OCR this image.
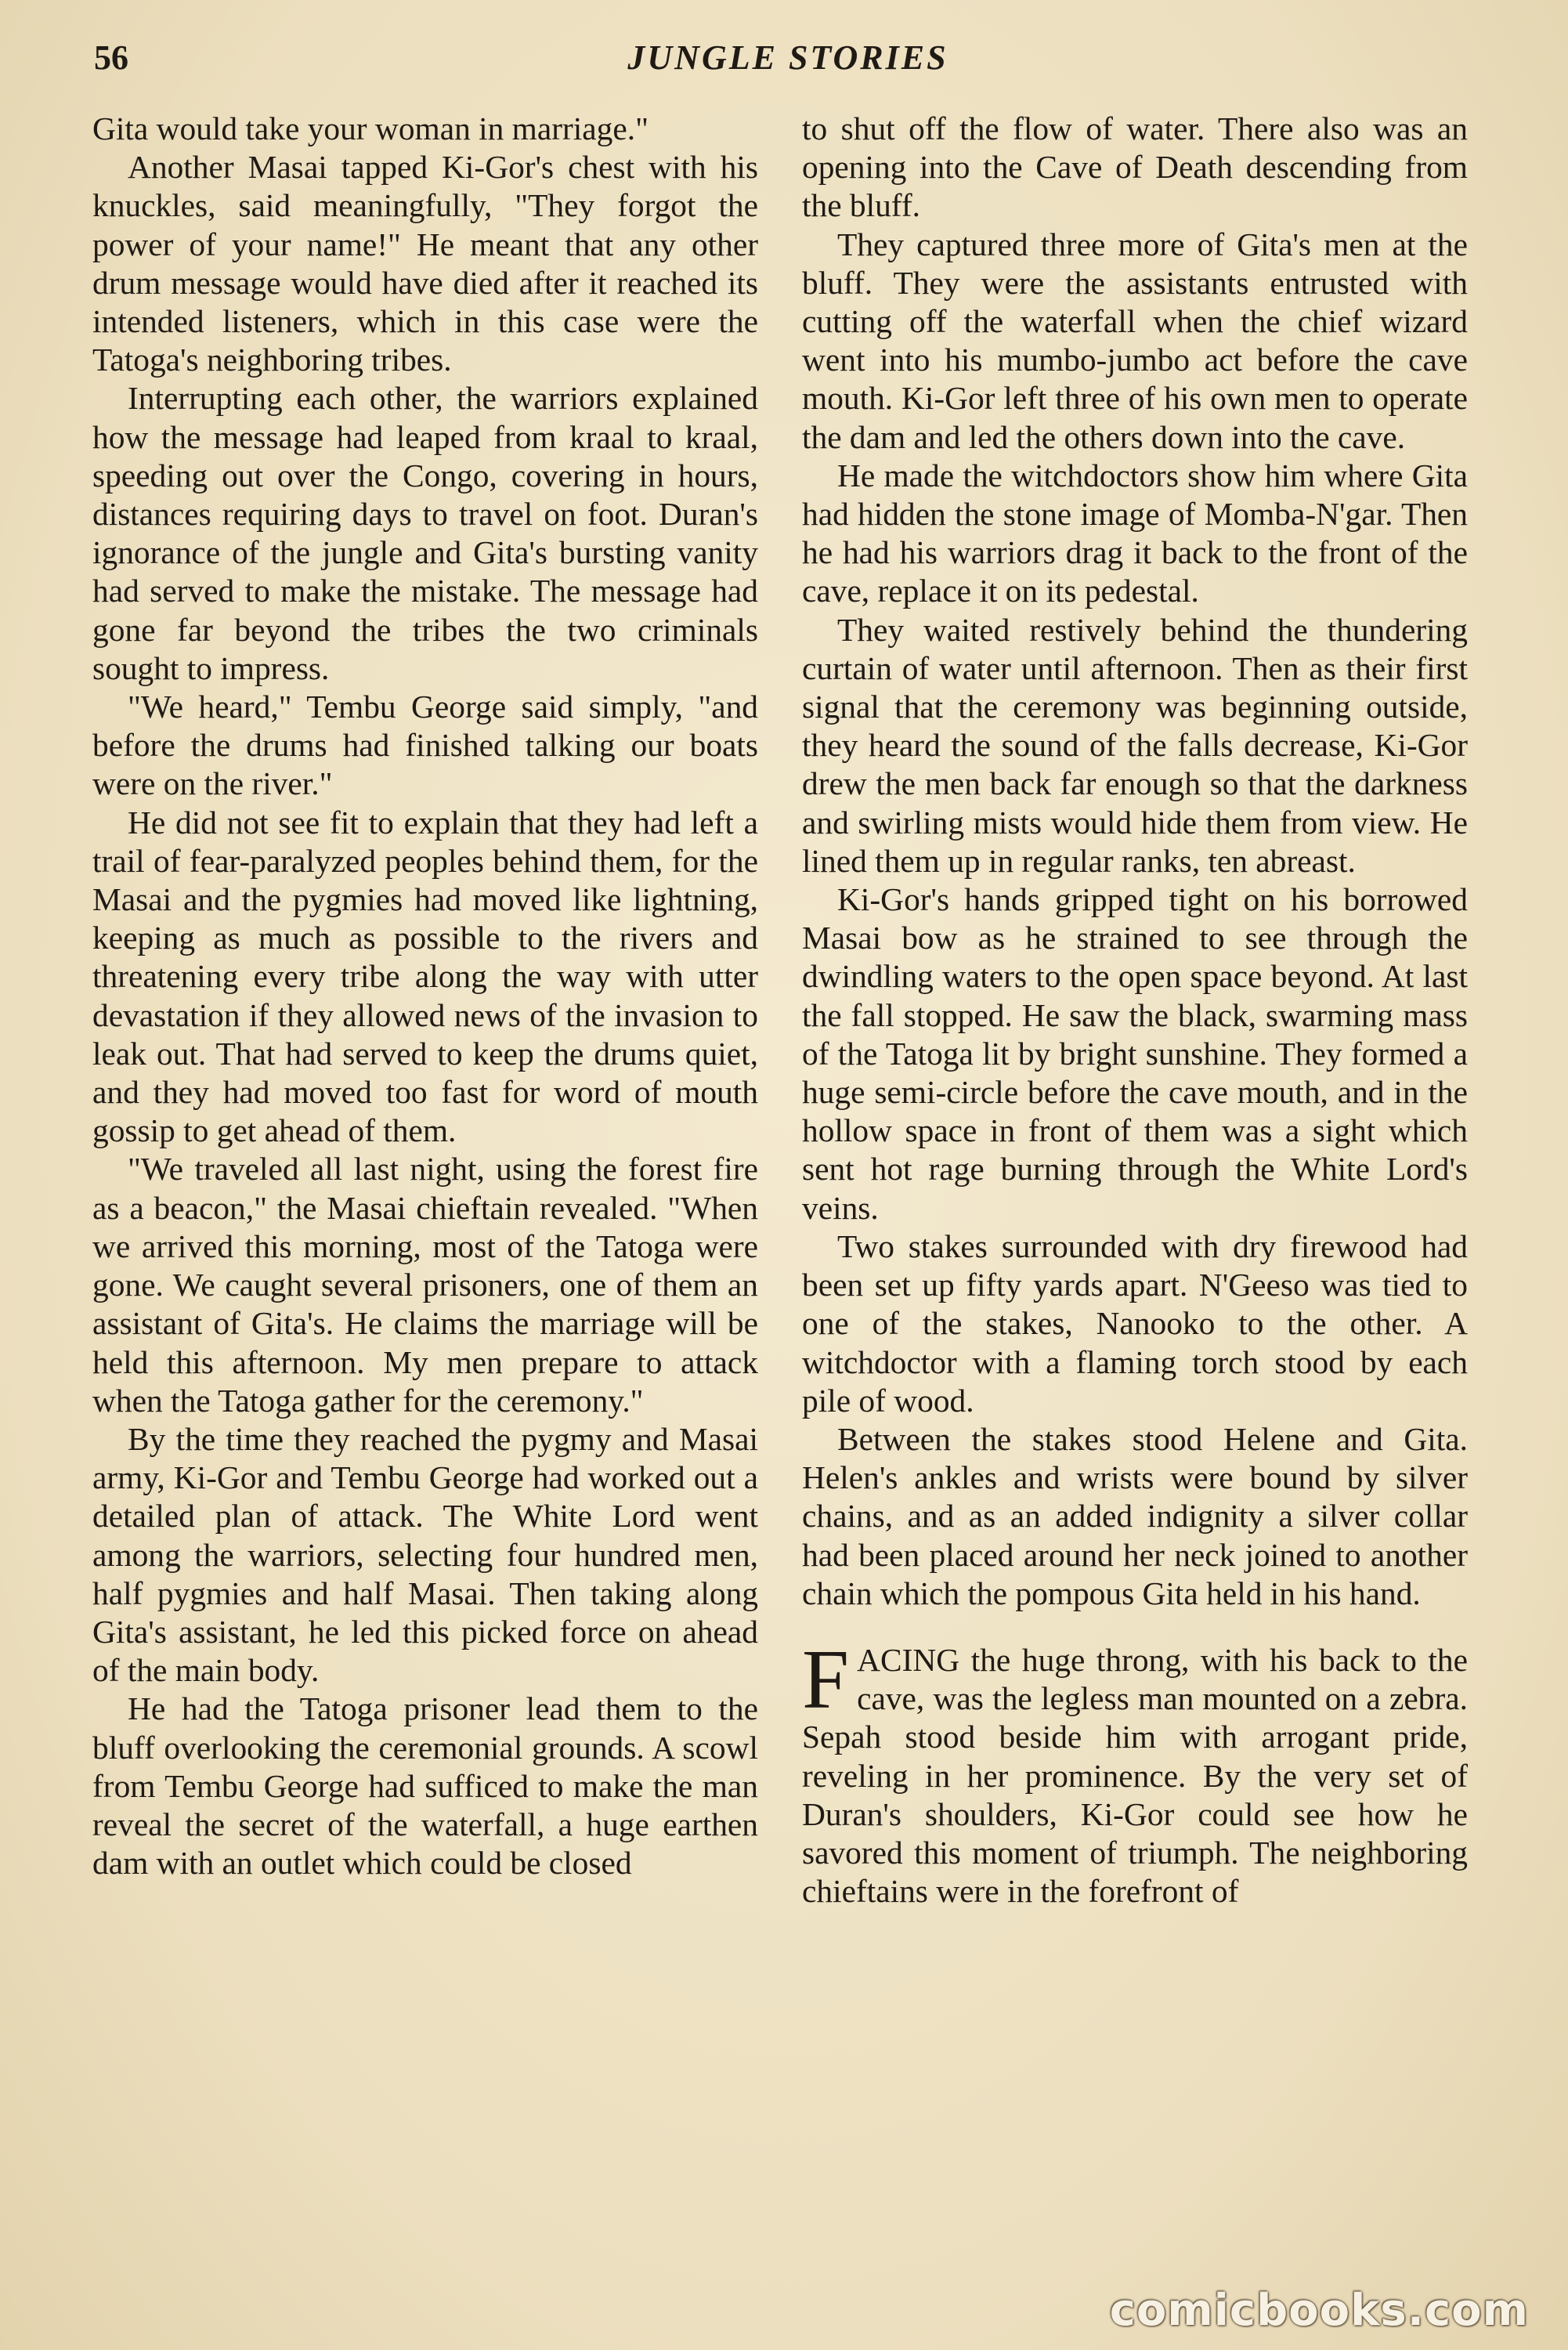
56	JUNGLE STORIES

Gita would take your woman in marriage."

Another Masai tapped Ki-Gor's chest with his knuckles, said meaningfully, "They forgot the power of your name!" He meant that any other drum message would have died after it reached its intended listeners, which in this case were the Tatoga's neighboring tribes.

Interrupting each other, the warriors explained how the message had leaped from kraal to kraal, speeding out over the Congo, covering in hours, distances requiring days to travel on foot. Duran's ignorance of the jungle and Gita's bursting vanity had served to make the mistake. The message had gone far beyond the tribes the two criminals sought to impress.

"We heard," Tembu George said simply, "and before the drums had finished talking our boats were on the river."

He did not see fit to explain that they had left a trail of fear-paralyzed peoples behind them, for the Masai and the pygmies had moved like lightning, keeping as much as possible to the rivers and threatening every tribe along the way with utter devastation if they allowed news of the invasion to leak out. That had served to keep the drums quiet, and they had moved too fast for word of mouth gossip to get ahead of them.

"We traveled all last night, using the forest fire as a beacon," the Masai chieftain revealed. "When we arrived this morning, most of the Tatoga were gone. We caught several prisoners, one of them an assistant of Gita's. He claims the marriage will be held this afternoon. My men prepare to attack when the Tatoga gather for the ceremony."

By the time they reached the pygmy and Masai army, Ki-Gor and Tembu George had worked out a detailed plan of attack. The White Lord went among the warriors, selecting four hundred men, half pygmies and half Masai. Then taking along Gita's assistant, he led this picked force on ahead of the main body.

He had the Tatoga prisoner lead them to the bluff overlooking the ceremonial grounds. A scowl from Tembu George had sufficed to make the man reveal the secret of the waterfall, a huge earthen dam with an outlet which could be closed

to shut off the flow of water. There also was an opening into the Cave of Death descending from the bluff.

They captured three more of Gita's men at the bluff. They were the assistants entrusted with cutting off the waterfall when the chief wizard went into his mumbo-jumbo act before the cave mouth. Ki-Gor left three of his own men to operate the dam and led the others down into the cave.

He made the witchdoctors show him where Gita had hidden the stone image of Momba-N'gar. Then he had his warriors drag it back to the front of the cave, replace it on its pedestal.

They waited restively behind the thundering curtain of water until afternoon. Then as their first signal that the ceremony was beginning outside, they heard the sound of the falls decrease, Ki-Gor drew the men back far enough so that the darkness and swirling mists would hide them from view. He lined them up in regular ranks, ten abreast.

Ki-Gor's hands gripped tight on his borrowed Masai bow as he strained to see through the dwindling waters to the open space beyond. At last the fall stopped. He saw the black, swarming mass of the Tatoga lit by bright sunshine. They formed a huge semi-circle before the cave mouth, and in the hollow space in front of them was a sight which sent hot rage burning through the White Lord's veins.

Two stakes surrounded with dry firewood had been set up fifty yards apart. N'Geeso was tied to one of the stakes, Nanooko to the other. A witchdoctor with a flaming torch stood by each pile of wood.

Between the stakes stood Helene and Gita. Helen's ankles and wrists were bound by silver chains, and as an added indignity a silver collar had been placed around her neck joined to another chain which the pompous Gita held in his hand.

FACING the huge throng, with his back to the cave, was the legless man mounted on a zebra. Sepah stood beside him with arrogant pride, reveling in her prominence. By the very set of Duran's shoulders, Ki-Gor could see how he savored this moment of triumph. The neighboring chieftains were in the forefront of

comicbooks.com
